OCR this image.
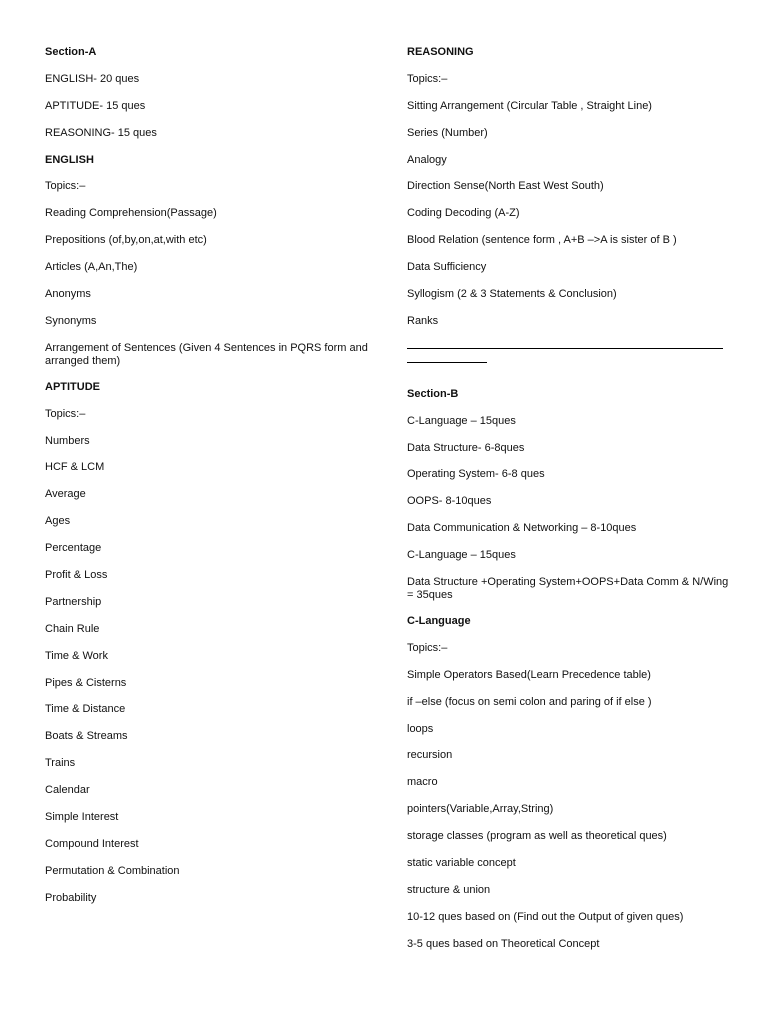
Section-A
ENGLISH- 20 ques
APTITUDE- 15 ques
REASONING- 15 ques
ENGLISH
Topics:–
Reading Comprehension(Passage)
Prepositions (of,by,on,at,with etc)
Articles (A,An,The)
Anonyms
Synonyms
Arrangement of Sentences (Given 4 Sentences in PQRS form and arranged them)
APTITUDE
Topics:–
Numbers
HCF & LCM
Average
Ages
Percentage
Profit & Loss
Partnership
Chain Rule
Time & Work
Pipes & Cisterns
Time & Distance
Boats & Streams
Trains
Calendar
Simple Interest
Compound Interest
Permutation & Combination
Probability
REASONING
Topics:–
Sitting Arrangement (Circular Table , Straight Line)
Series (Number)
Analogy
Direction Sense(North East West South)
Coding Decoding (A-Z)
Blood Relation (sentence form , A+B –>A is sister of B )
Data Sufficiency
Syllogism (2 & 3 Statements & Conclusion)
Ranks
Section-B
C-Language – 15ques
Data Structure- 6-8ques
Operating System- 6-8 ques
OOPS- 8-10ques
Data Communication & Networking – 8-10ques
C-Language – 15ques
Data Structure +Operating System+OOPS+Data Comm & N/Wing = 35ques
C-Language
Topics:–
Simple Operators Based(Learn Precedence table)
if –else (focus on semi colon and paring of if else )
loops
recursion
macro
pointers(Variable,Array,String)
storage classes (program as well as theoretical ques)
static variable concept
structure & union
10-12 ques based on (Find out the Output of given ques)
3-5 ques based on Theoretical Concept
